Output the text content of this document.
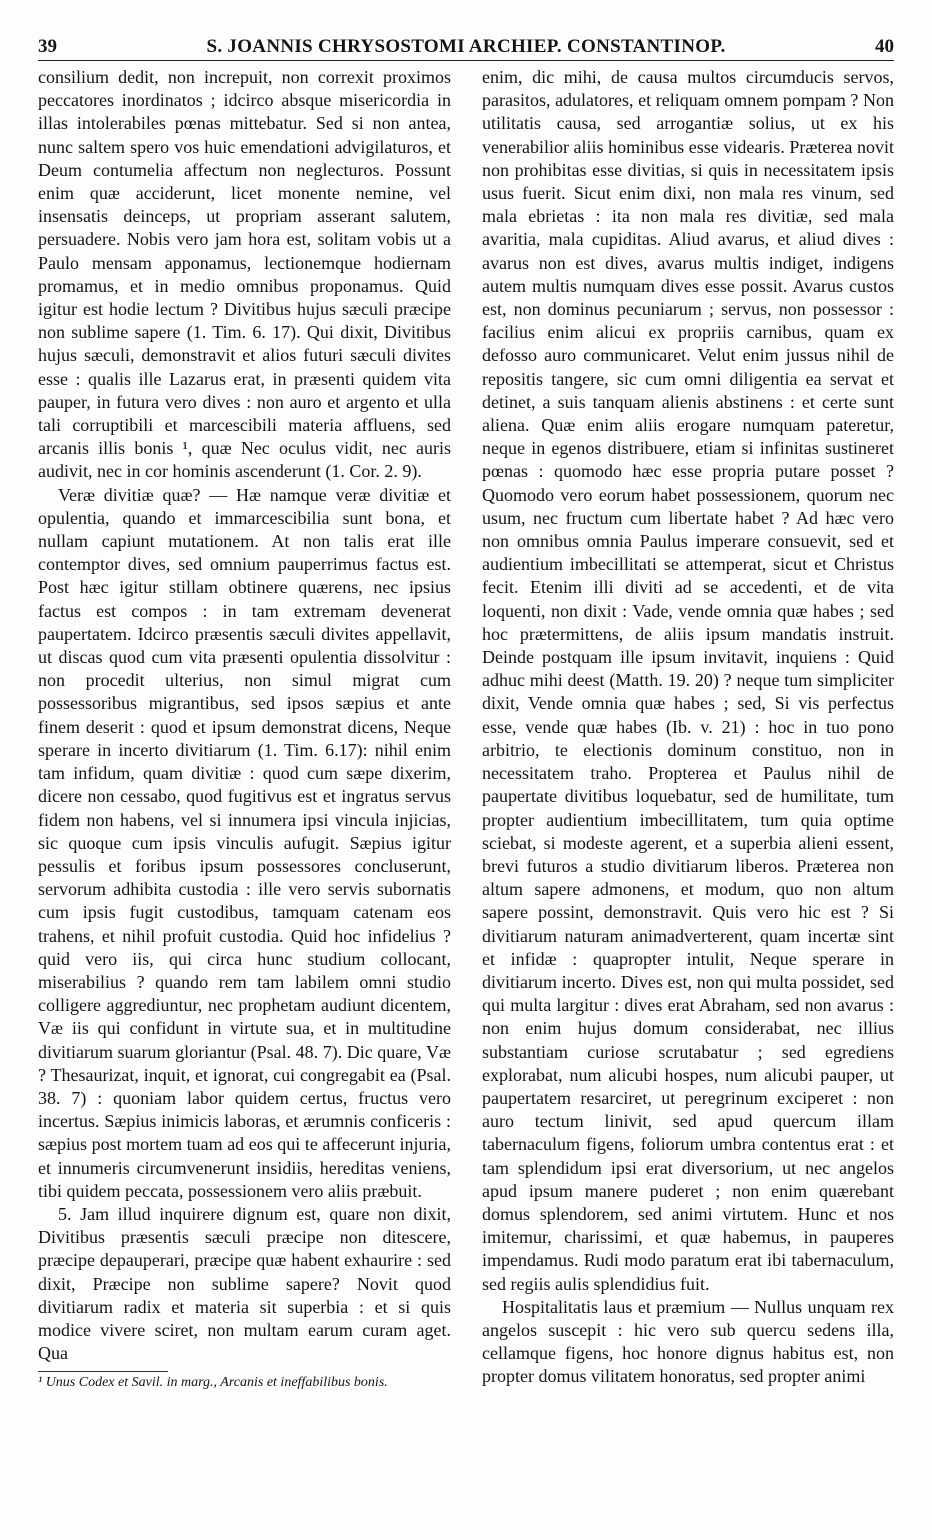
39	S. JOANNIS CHRYSOSTOMI ARCHIEP. CONSTANTINOP.	40

consilium dedit, non increpuit, non correxit proximos peccatores inordinatos ; idcirco absque misericordia in illas intolerabiles pœnas mittebatur. Sed si non antea, nunc saltem spero vos huic emendationi advigilaturos, et Deum contumelia affectum non neglecturos. Possunt enim quæ acciderunt, licet monente nemine, vel insensatis deinceps, ut propriam asserant salutem, persuadere. Nobis vero jam hora est, solitam vobis ut a Paulo mensam apponamus, lectionemque hodiernam promamus, et in medio omnibus proponamus. Quid igitur est hodie lectum ? Divitibus hujus sæculi præcipe non sublime sapere (1. Tim. 6. 17). Qui dixit, Divitibus hujus sæculi, demonstravit et alios futuri sæculi divites esse : qualis ille Lazarus erat, in præsenti quidem vita pauper, in futura vero dives : non auro et argento et ulla tali corruptibili et marcescibili materia affluens, sed arcanis illis bonis ¹, quæ Nec oculus vidit, nec auris audivit, nec in cor hominis ascenderunt (1. Cor. 2. 9).

Veræ divitiæ quæ? — Hæ namque veræ divitiæ et opulentia, quando et immarcescibilia sunt bona, et nullam capiunt mutationem. At non talis erat ille contemptor dives, sed omnium pauperrimus factus est. Post hæc igitur stillam obtinere quærens, nec ipsius factus est compos : in tam extremam devenerat paupertatem. Idcirco præsentis sæculi divites appellavit, ut discas quod cum vita præsenti opulentia dissolvitur : non procedit ulterius, non simul migrat cum possessoribus migrantibus, sed ipsos sæpius et ante finem deserit : quod et ipsum demonstrat dicens, Neque sperare in incerto divitiarum (1. Tim. 6.17): nihil enim tam infidum, quam divitiæ : quod cum sæpe dixerim, dicere non cessabo, quod fugitivus est et ingratus servus fidem non habens, vel si innumera ipsi vincula injicias, sic quoque cum ipsis vinculis aufugit. Sæpius igitur pessulis et foribus ipsum possessores concluserunt, servorum adhibita custodia : ille vero servis subornatis cum ipsis fugit custodibus, tamquam catenam eos trahens, et nihil profuit custodia. Quid hoc infidelius ? quid vero iis, qui circa hunc studium collocant, miserabilius ? quando rem tam labilem omni studio colligere aggrediuntur, nec prophetam audiunt dicentem, Væ iis qui confidunt in virtute sua, et in multitudine divitiarum suarum gloriantur (Psal. 48. 7). Dic quare, Væ ? Thesaurizat, inquit, et ignorat, cui congregabit ea (Psal. 38. 7) : quoniam labor quidem certus, fructus vero incertus. Sæpius inimicis laboras, et ærumnis conficeris : sæpius post mortem tuam ad eos qui te affecerunt injuria, et innumeris circumvenerunt insidiis, hereditas veniens, tibi quidem peccata, possessionem vero aliis præbuit.

5. Jam illud inquirere dignum est, quare non dixit, Divitibus præsentis sæculi præcipe non ditescere, præcipe depauperari, præcipe quæ habent exhaurire : sed dixit, Præcipe non sublime sapere? Novit quod divitiarum radix et materia sit superbia : et si quis modice vivere sciret, non multam earum curam aget. Qua

¹ Unus Codex et Savil. in marg., Arcanis et ineffabilibus bonis.

enim, dic mihi, de causa multos circumducis servos, parasitos, adulatores, et reliquam omnem pompam ? Non utilitatis causa, sed arrogantiæ solius, ut ex his venerabilior aliis hominibus esse videaris. Præterea novit non prohibitas esse divitias, si quis in necessitatem ipsis usus fuerit. Sicut enim dixi, non mala res vinum, sed mala ebrietas : ita non mala res divitiæ, sed mala avaritia, mala cupiditas. Aliud avarus, et aliud dives : avarus non est dives, avarus multis indiget, indigens autem multis numquam dives esse possit. Avarus custos est, non dominus pecuniarum ; servus, non possessor : facilius enim alicui ex propriis carnibus, quam ex defosso auro communicaret. Velut enim jussus nihil de repositis tangere, sic cum omni diligentia ea servat et detinet, a suis tanquam alienis abstinens : et certe sunt aliena. Quæ enim aliis erogare numquam pateretur, neque in egenos distribuere, etiam si infinitas sustineret pœnas : quomodo hæc esse propria putare posset ? Quomodo vero eorum habet possessionem, quorum nec usum, nec fructum cum libertate habet ? Ad hæc vero non omnibus omnia Paulus imperare consuevit, sed et audientium imbecillitati se attemperat, sicut et Christus fecit. Etenim illi diviti ad se accedenti, et de vita loquenti, non dixit : Vade, vende omnia quæ habes ; sed hoc prætermittens, de aliis ipsum mandatis instruit. Deinde postquam ille ipsum invitavit, inquiens : Quid adhuc mihi deest (Matth. 19. 20) ? neque tum simpliciter dixit, Vende omnia quæ habes ; sed, Si vis perfectus esse, vende quæ habes (Ib. v. 21) : hoc in tuo pono arbitrio, te electionis dominum constituo, non in necessitatem traho. Propterea et Paulus nihil de paupertate divitibus loquebatur, sed de humilitate, tum propter audientium imbecillitatem, tum quia optime sciebat, si modeste agerent, et a superbia alieni essent, brevi futuros a studio divitiarum liberos. Præterea non altum sapere admonens, et modum, quo non altum sapere possint, demonstravit. Quis vero hic est ? Si divitiarum naturam animadverterent, quam incertæ sint et infidæ : quapropter intulit, Neque sperare in divitiarum incerto. Dives est, non qui multa possidet, sed qui multa largitur : dives erat Abraham, sed non avarus : non enim hujus domum considerabat, nec illius substantiam curiose scrutabatur ; sed egrediens explorabat, num alicubi hospes, num alicubi pauper, ut paupertatem resarciret, ut peregrinum exciperet : non auro tectum linivit, sed apud quercum illam tabernaculum figens, foliorum umbra contentus erat : et tam splendidum ipsi erat diversorium, ut nec angelos apud ipsum manere puderet ; non enim quærebant domus splendorem, sed animi virtutem. Hunc et nos imitemur, charissimi, et quæ habemus, in pauperes impendamus. Rudi modo paratum erat ibi tabernaculum, sed regiis aulis splendidius fuit.

Hospitalitatis laus et præmium — Nullus unquam rex angelos suscepit : hic vero sub quercu sedens illa, cellamque figens, hoc honore dignus habitus est, non propter domus vilitatem honoratus, sed propter animi
